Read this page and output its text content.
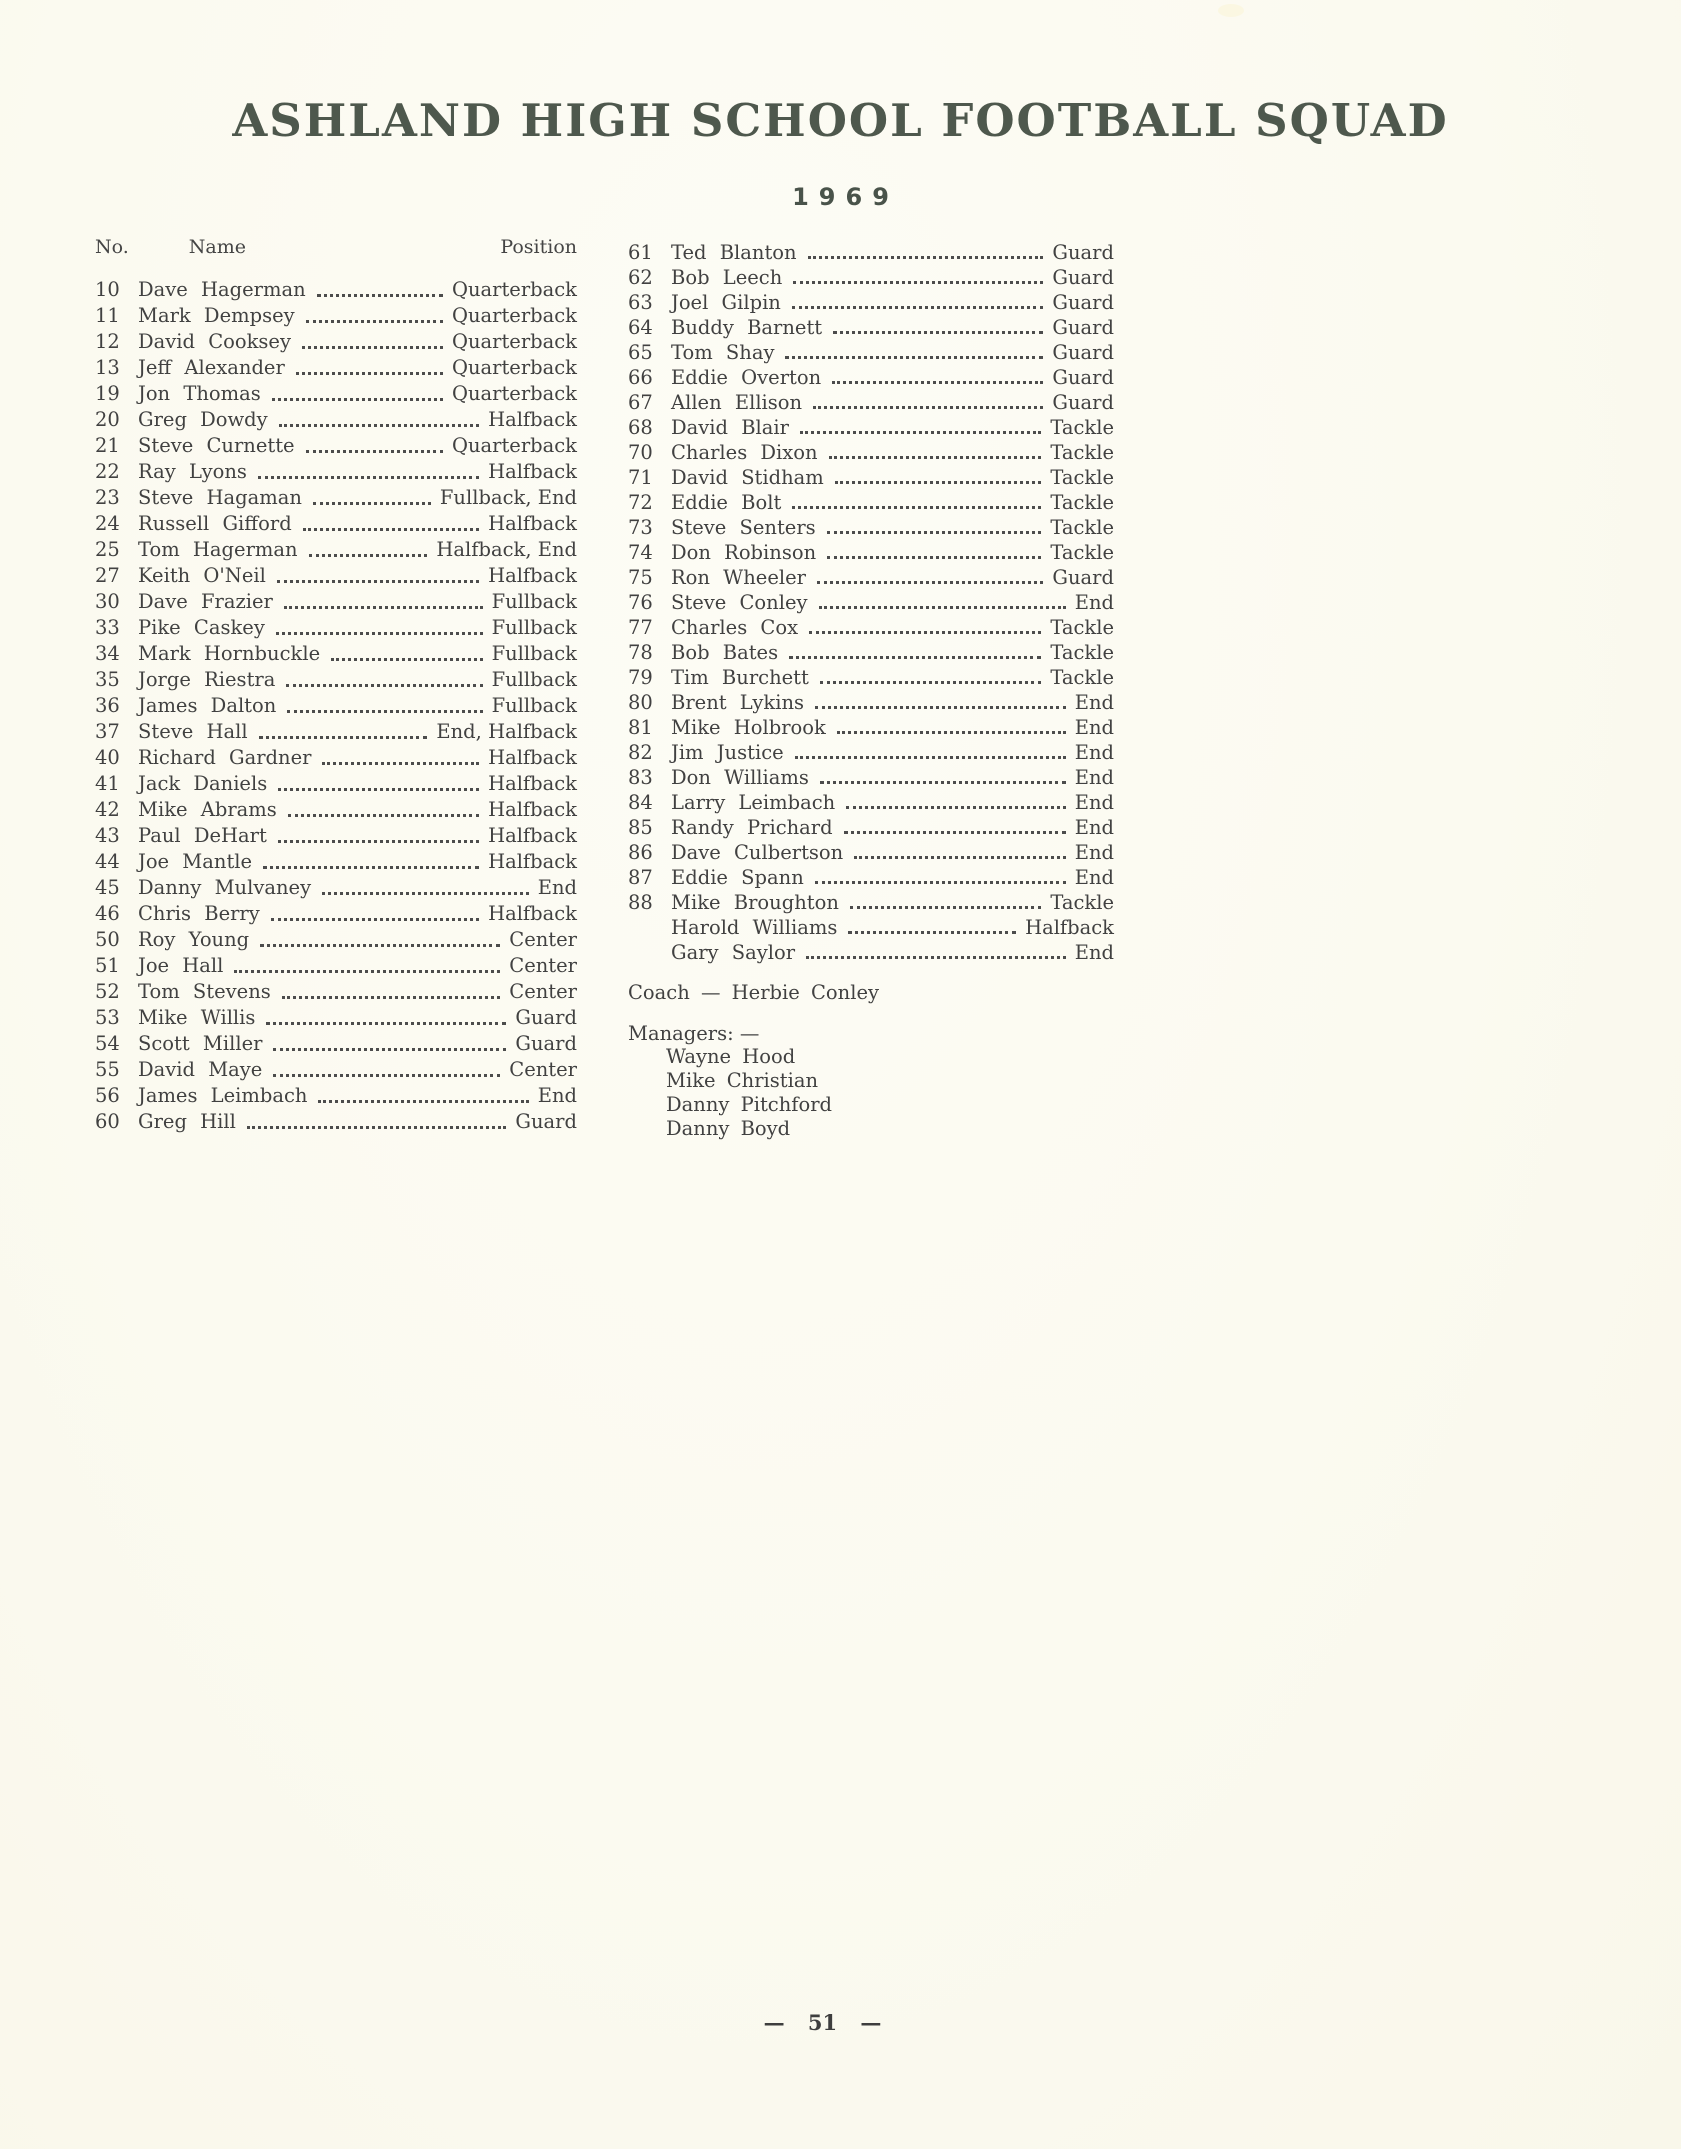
ASHLAND HIGH SCHOOL FOOTBALL SQUAD
1969
No.	Name	Position
10 Dave Hagerman	Quarterback
11 Mark Dempsey	Quarterback
12 David Cooksey	Quarterback
13 Jeff Alexander	Quarterback
19 Jon Thomas	Quarterback
20 Greg Dowdy	Halfback
21 Steve Curnette	Quarterback
22 Ray Lyons	Halfback
23 Steve Hagaman	Fullback, End
24 Russell Gifford	Halfback
25 Tom Hagerman	Halfback, End
27 Keith O'Neil	Halfback
30 Dave Frazier	Fullback
33 Pike Caskey	Fullback
34 Mark Hornbuckle	Fullback
35 Jorge Riestra	Fullback
36 James Dalton	Fullback
37 Steve Hall	End, Halfback
40 Richard Gardner	Halfback
41 Jack Daniels	Halfback
42 Mike Abrams	Halfback
43 Paul DeHart	Halfback
44 Joe Mantle	Halfback
45 Danny Mulvaney	End
46 Chris Berry	Halfback
50 Roy Young	Center
51 Joe Hall	Center
52 Tom Stevens	Center
53 Mike Willis	Guard
54 Scott Miller	Guard
55 David Maye	Center
56 James Leimbach	End
60 Greg Hill	Guard
61 Ted Blanton	Guard
62 Bob Leech	Guard
63 Joel Gilpin	Guard
64 Buddy Barnett	Guard
65 Tom Shay	Guard
66 Eddie Overton	Guard
67 Allen Ellison	Guard
68 David Blair	Tackle
70 Charles Dixon	Tackle
71 David Stidham	Tackle
72 Eddie Bolt	Tackle
73 Steve Senters	Tackle
74 Don Robinson	Tackle
75 Ron Wheeler	Guard
76 Steve Conley	End
77 Charles Cox	Tackle
78 Bob Bates	Tackle
79 Tim Burchett	Tackle
80 Brent Lykins	End
81 Mike Holbrook	End
82 Jim Justice	End
83 Don Williams	End
84 Larry Leimbach	End
85 Randy Prichard	End
86 Dave Culbertson	End
87 Eddie Spann	End
88 Mike Broughton	Tackle
Harold Williams	Halfback
Gary Saylor	End
Coach — Herbie Conley
Managers: —
Wayne Hood
Mike Christian
Danny Pitchford
Danny Boyd
— 51 —
